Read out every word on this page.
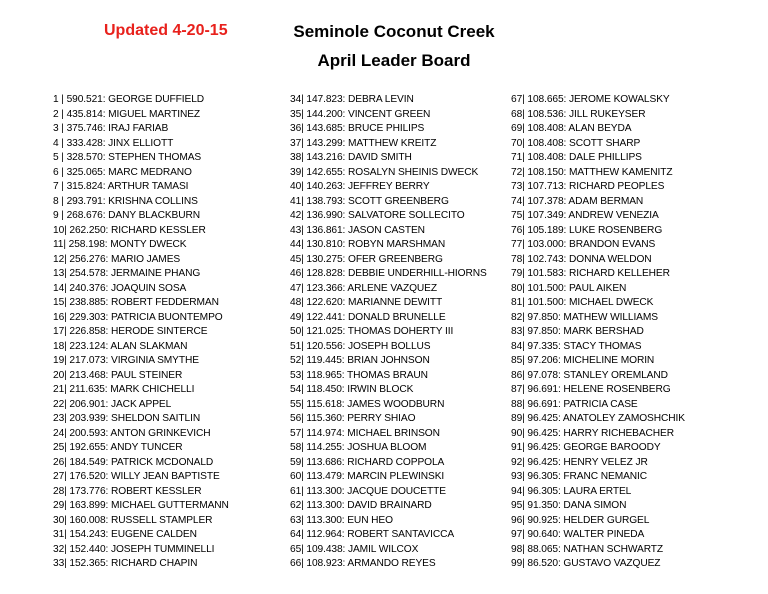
Updated 4-20-15	Seminole Coconut Creek
April Leader Board
1 | 590.521: GEORGE DUFFIELD
2 | 435.814: MIGUEL MARTINEZ
3 | 375.746: IRAJ FARIAB
4 | 333.428: JINX ELLIOTT
5 | 328.570: STEPHEN THOMAS
6 | 325.065: MARC MEDRANO
7 | 315.824: ARTHUR TAMASI
8 | 293.791: KRISHNA COLLINS
9 | 268.676: DANY BLACKBURN
10| 262.250: RICHARD KESSLER
11| 258.198: MONTY DWECK
12| 256.276: MARIO JAMES
13| 254.578: JERMAINE PHANG
14| 240.376: JOAQUIN SOSA
15| 238.885: ROBERT FEDDERMAN
16| 229.303: PATRICIA BUONTEMPO
17| 226.858: HERODE SINTERCE
18| 223.124: ALAN SLAKMAN
19| 217.073: VIRGINIA SMYTHE
20| 213.468: PAUL STEINER
21| 211.635: MARK CHICHELLI
22| 206.901: JACK APPEL
23| 203.939: SHELDON SAITLIN
24| 200.593: ANTON GRINKEVICH
25| 192.655: ANDY TUNCER
26| 184.549: PATRICK MCDONALD
27| 176.520: WILLY JEAN BAPTISTE
28| 173.776: ROBERT KESSLER
29| 163.899: MICHAEL GUTTERMANN
30| 160.008: RUSSELL STAMPLER
31| 154.243: EUGENE CALDEN
32| 152.440: JOSEPH TUMMINELLI
33| 152.365: RICHARD CHAPIN
34| 147.823: DEBRA LEVIN
35| 144.200: VINCENT GREEN
36| 143.685: BRUCE PHILIPS
37| 143.299: MATTHEW KREITZ
38| 143.216: DAVID SMITH
39| 142.655: ROSALYN SHEINIS DWECK
40| 140.263: JEFFREY BERRY
41| 138.793: SCOTT GREENBERG
42| 136.990: SALVATORE SOLLECITO
43| 136.861: JASON CASTEN
44| 130.810: ROBYN MARSHMAN
45| 130.275: OFER GREENBERG
46| 128.828: DEBBIE UNDERHILL-HIORNS
47| 123.366: ARLENE VAZQUEZ
48| 122.620: MARIANNE DEWITT
49| 122.441: DONALD BRUNELLE
50| 121.025: THOMAS DOHERTY III
51| 120.556: JOSEPH BOLLUS
52| 119.445: BRIAN JOHNSON
53| 118.965: THOMAS BRAUN
54| 118.450: IRWIN BLOCK
55| 115.618: JAMES WOODBURN
56| 115.360: PERRY SHIAO
57| 114.974: MICHAEL BRINSON
58| 114.255: JOSHUA BLOOM
59| 113.686: RICHARD COPPOLA
60| 113.479: MARCIN PLEWINSKI
61| 113.300: JACQUE DOUCETTE
62| 113.300: DAVID BRAINARD
63| 113.300: EUN HEO
64| 112.964: ROBERT SANTAVICCA
65| 109.438: JAMIL WILCOX
66| 108.923: ARMANDO REYES
67| 108.665: JEROME KOWALSKY
68| 108.536: JILL RUKEYSER
69| 108.408: ALAN BEYDA
70| 108.408: SCOTT SHARP
71| 108.408: DALE PHILLIPS
72| 108.150: MATTHEW KAMENITZ
73| 107.713: RICHARD PEOPLES
74| 107.378: ADAM BERMAN
75| 107.349: ANDREW VENEZIA
76| 105.189: LUKE ROSENBERG
77| 103.000: BRANDON EVANS
78| 102.743: DONNA WELDON
79| 101.583: RICHARD KELLEHER
80| 101.500: PAUL AIKEN
81| 101.500: MICHAEL DWECK
82| 97.850: MATHEW WILLIAMS
83| 97.850: MARK BERSHAD
84| 97.335: STACY THOMAS
85| 97.206: MICHELINE MORIN
86| 97.078: STANLEY OREMLAND
87| 96.691: HELENE ROSENBERG
88| 96.691: PATRICIA CASE
89| 96.425: ANATOLEY ZAMOSHCHIK
90| 96.425: HARRY RICHEBACHER
91| 96.425: GEORGE BAROODY
92| 96.425: HENRY VELEZ JR
93| 96.305: FRANC NEMANIC
94| 96.305: LAURA ERTEL
95| 91.350: DANA SIMON
96| 90.925: HELDER GURGEL
97| 90.640: WALTER PINEDA
98| 88.065: NATHAN SCHWARTZ
99| 86.520: GUSTAVO VAZQUEZ
